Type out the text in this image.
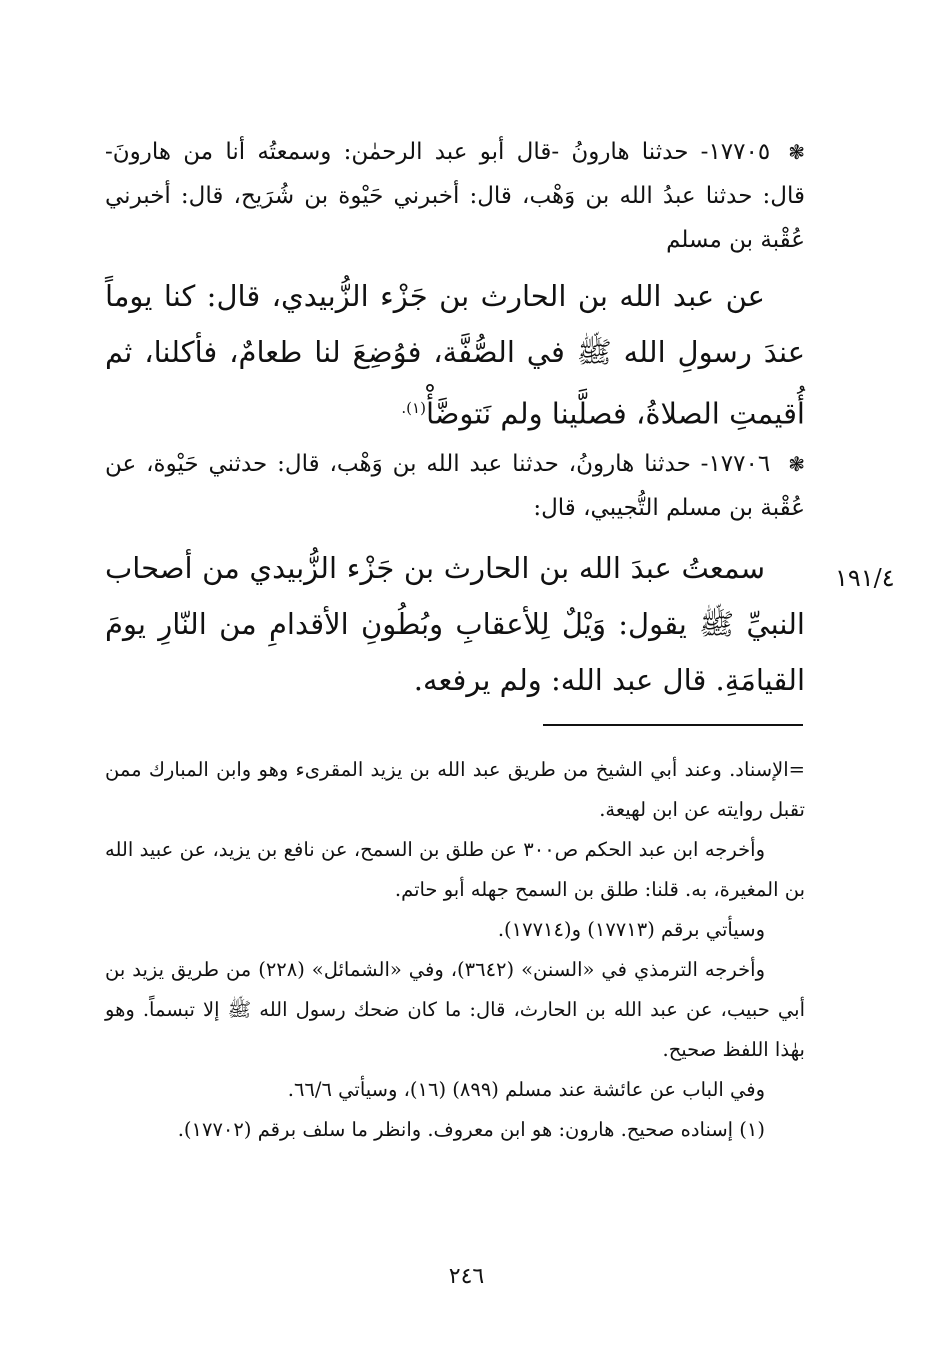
❃١٧٧٠٥- حدثنا هارونُ -قال أبو عبد الرحمٰن: وسمعتُه أنا من هارونَ- قال: حدثنا عبدُ الله بن وَهْب، قال: أخبرني حَيْوة بن شُرَيح، قال: أخبرني عُقْبة بن مسلم
عن عبد الله بن الحارث بن جَزْء الزُّبيدي، قال: كنا يوماً عندَ رسولِ الله ﷺ في الصُّفَّة، فوُضِعَ لنا طعامٌ، فأكلنا، ثم أُقيمتِ الصلاةُ، فصلَّينا ولم نَتوضَّأْ$^{(١).}$
❃١٧٧٠٦- حدثنا هارونُ، حدثنا عبد الله بن وَهْب، قال: حدثني حَيْوة، عن عُقْبة بن مسلم التُّجيبي، قال:
١٩١/٤
سمعتُ عبدَ الله بن الحارث بن جَزْء الزُّبيدي من أصحاب النبيِّ ﷺ يقول: وَيْلٌ لِلأعقابِ وبُطُونِ الأقدامِ من النّارِ يومَ القيامَةِ. قال عبد الله: ولم يرفعه.

=الإسناد. وعند أبي الشيخ من طريق عبد الله بن يزيد المقرىء وهو وابن المبارك ممن تقبل روايته عن ابن لهيعة.

وأخرجه ابن عبد الحكم ص٣٠٠ عن طلق بن السمح، عن نافع بن يزيد، عن عبيد الله بن المغيرة، به. قلنا: طلق بن السمح جهله أبو حاتم.

وسيأتي برقم (١٧٧١٣) و(١٧٧١٤).

وأخرجه الترمذي في «السنن» (٣٦٤٢)، وفي «الشمائل» (٢٢٨) من طريق يزيد بن أبي حبيب، عن عبد الله بن الحارث، قال: ما كان ضحك رسول الله ﷺ إلا تبسماً. وهو بهٰذا اللفظ صحيح.

وفي الباب عن عائشة عند مسلم (٨٩٩) (١٦)، وسيأتي ٦٦/٦.

(١) إسناده صحيح. هارون: هو ابن معروف. وانظر ما سلف برقم (١٧٧٠٢).

٢٤٦
